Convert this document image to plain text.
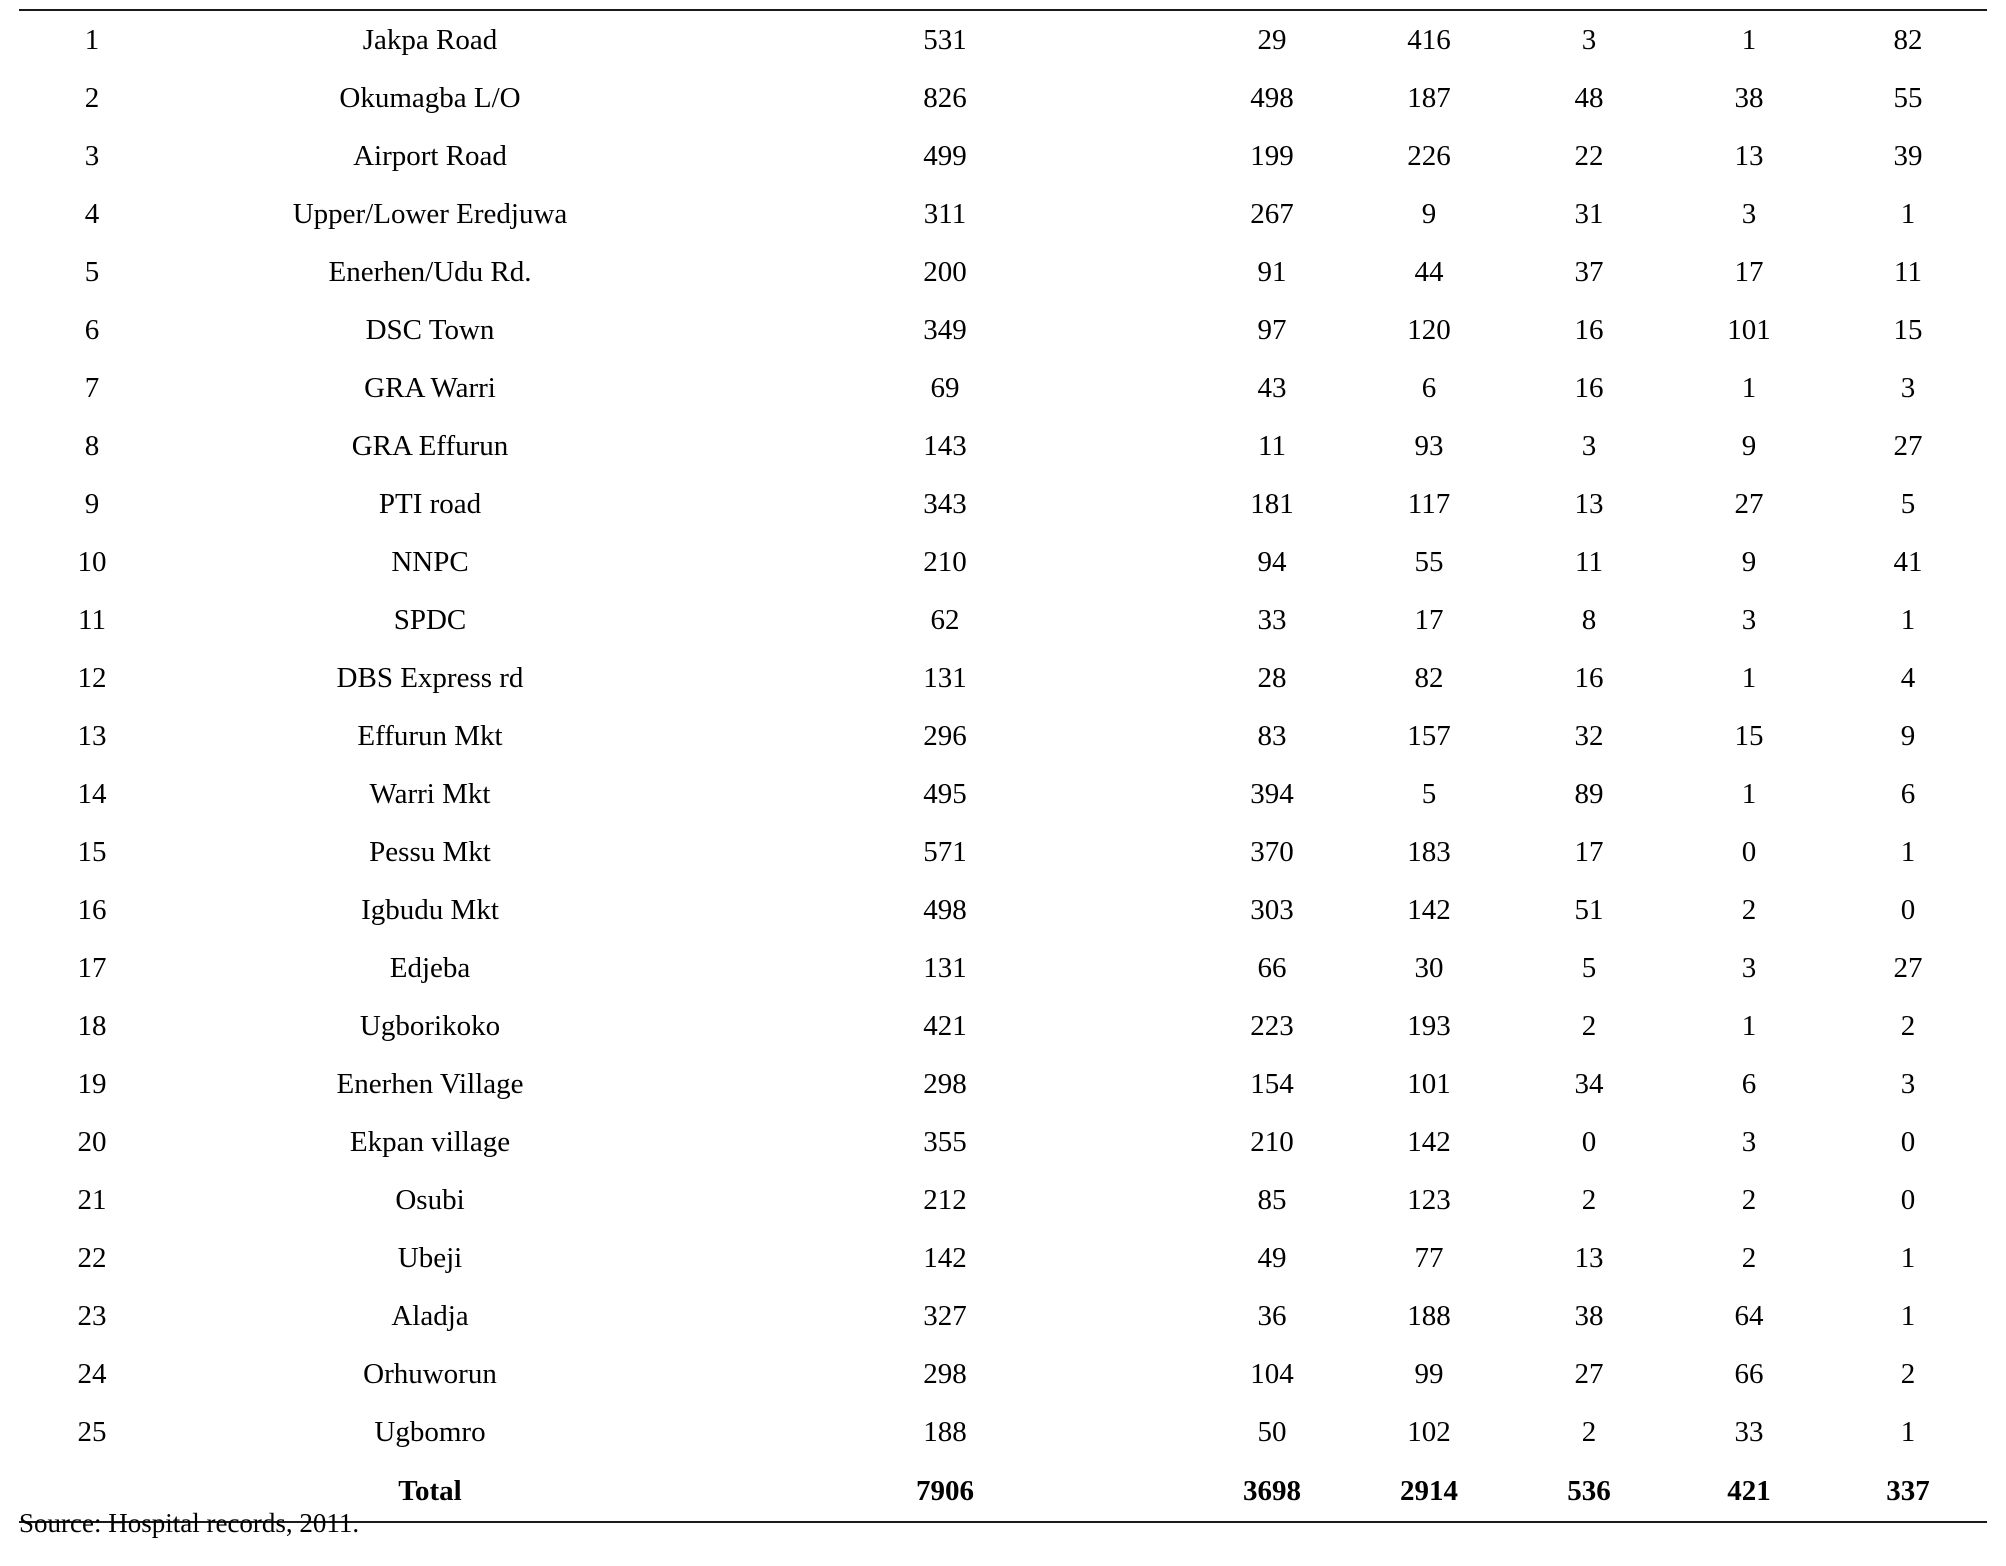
1	Jakpa Road	531	29	416	3	1	82
2	Okumagba L/O	826	498	187	48	38	55
3	Airport Road	499	199	226	22	13	39
4	Upper/Lower Eredjuwa	311	267	9	31	3	1
5	Enerhen/Udu Rd.	200	91	44	37	17	11
6	DSC Town	349	97	120	16	101	15
7	GRA Warri	69	43	6	16	1	3
8	GRA Effurun	143	11	93	3	9	27
9	PTI road	343	181	117	13	27	5
10	NNPC	210	94	55	11	9	41
11	SPDC	62	33	17	8	3	1
12	DBS Express rd	131	28	82	16	1	4
13	Effurun Mkt	296	83	157	32	15	9
14	Warri Mkt	495	394	5	89	1	6
15	Pessu Mkt	571	370	183	17	0	1
16	Igbudu Mkt	498	303	142	51	2	0
17	Edjeba	131	66	30	5	3	27
18	Ugborikoko	421	223	193	2	1	2
19	Enerhen Village	298	154	101	34	6	3
20	Ekpan village	355	210	142	0	3	0
21	Osubi	212	85	123	2	2	0
22	Ubeji	142	49	77	13	2	1
23	Aladja	327	36	188	38	64	1
24	Orhuworun	298	104	99	27	66	2
25	Ugbomro	188	50	102	2	33	1
	Total	7906	3698	2914	536	421	337
Source: Hospital records, 2011.
